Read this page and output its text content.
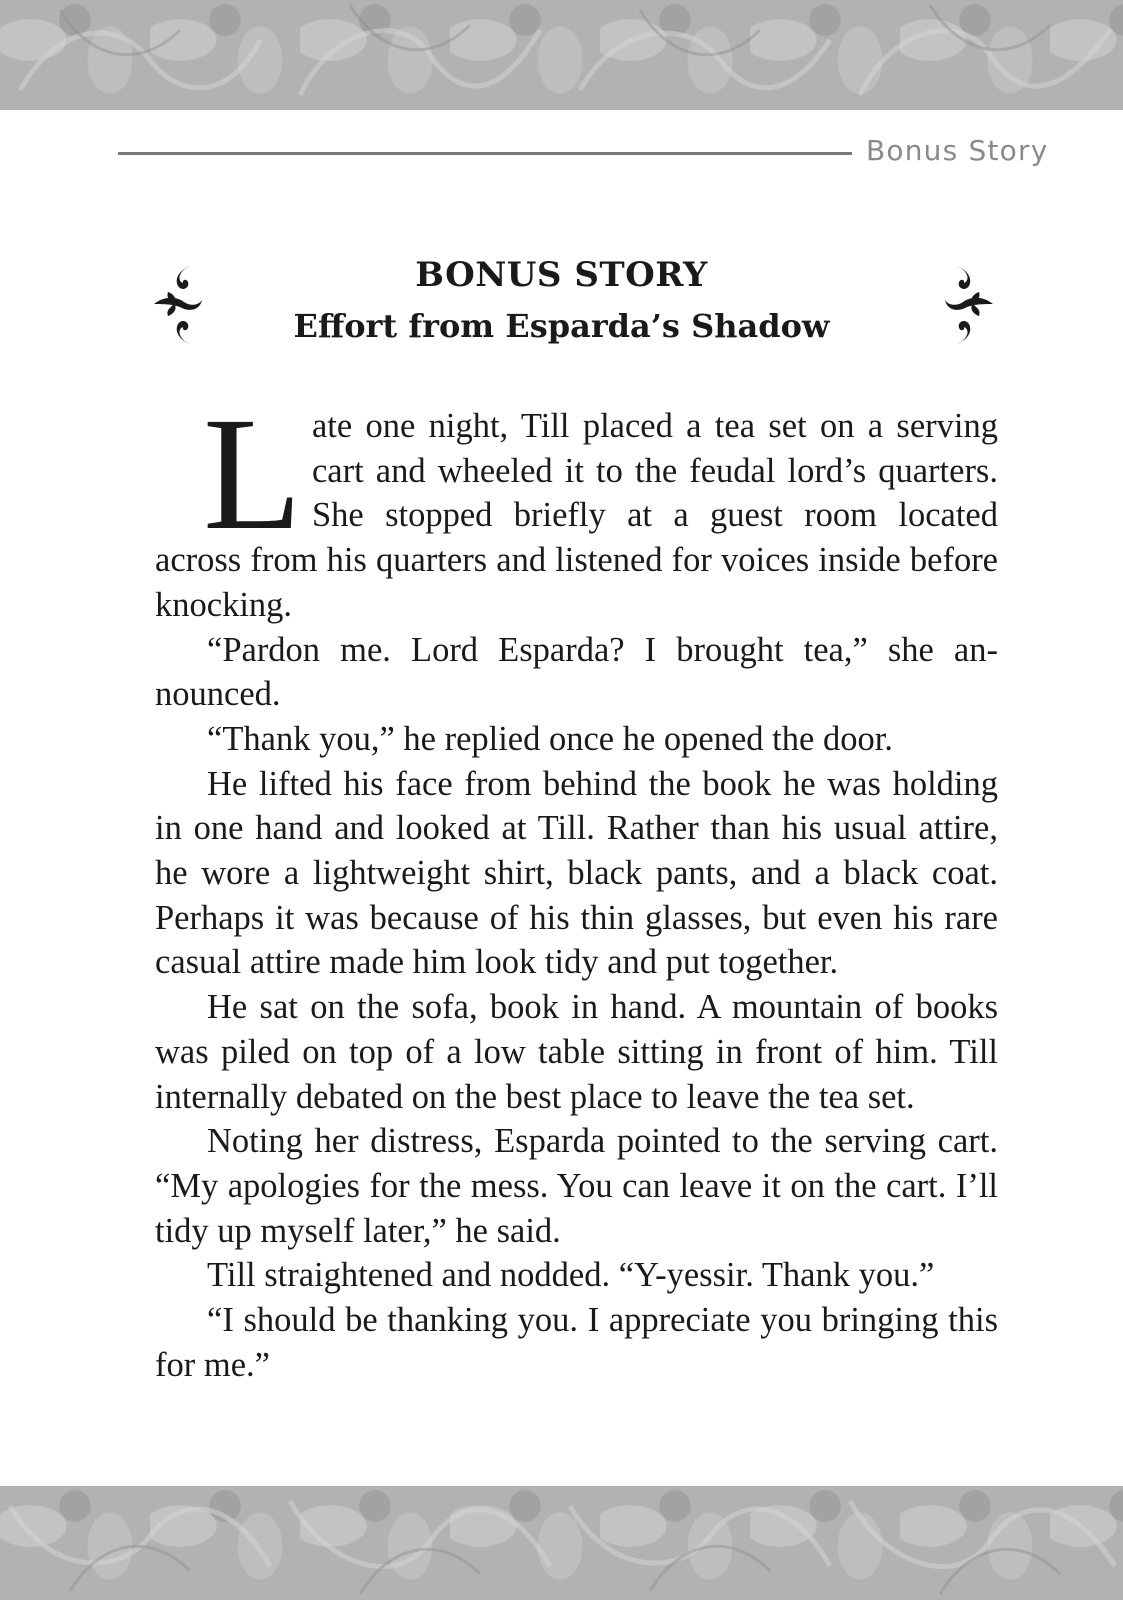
Bonus Story
BONUS STORY
Effort from Esparda’s Shadow

Late one night, Till placed a tea set on a serving cart and wheeled it to the feudal lord’s quarters. She stopped briefly at a guest room located across from his quarters and listened for voices inside before knocking.

“Pardon me. Lord Esparda? I brought tea,” she announced.

“Thank you,” he replied once he opened the door.

He lifted his face from behind the book he was holding in one hand and looked at Till. Rather than his usual attire, he wore a lightweight shirt, black pants, and a black coat. Perhaps it was because of his thin glasses, but even his rare casual attire made him look tidy and put together.

He sat on the sofa, book in hand. A mountain of books was piled on top of a low table sitting in front of him. Till internally debated on the best place to leave the tea set.

Noting her distress, Esparda pointed to the serving cart. “My apologies for the mess. You can leave it on the cart. I’ll tidy up myself later,” he said.

Till straightened and nodded. “Y-yessir. Thank you.”

“I should be thanking you. I appreciate you bringing this for me.”
